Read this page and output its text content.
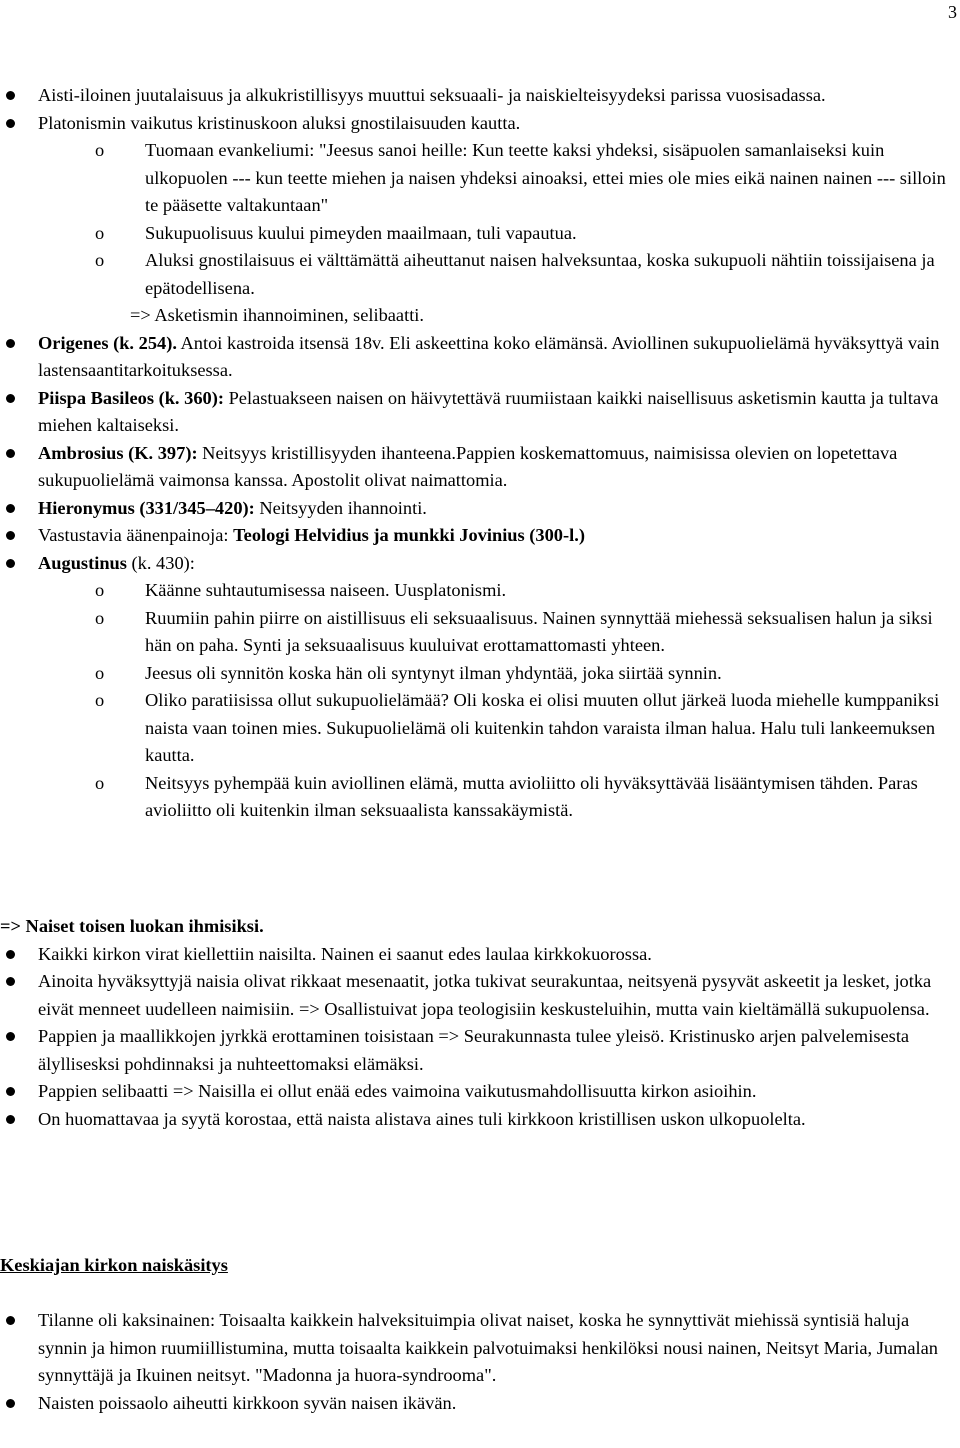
3
Aisti-iloinen juutalaisuus ja alkukristillisyys muuttui seksuaali- ja naiskielteisyydeksi parissa vuosisadassa.
Platonismin vaikutus kristinuskoon aluksi gnostilaisuuden kautta.
o Tuomaan evankeliumi: "Jeesus sanoi heille: Kun teette kaksi yhdeksi, sisäpuolen samanlaiseksi kuin ulkopuolen --- kun teette miehen ja naisen yhdeksi ainoaksi, ettei mies ole mies eikä nainen nainen --- silloin te pääsette valtakuntaan"
o Sukupuolisuus kuului pimeyden maailmaan, tuli vapautua.
o Aluksi gnostilaisuus ei välttämättä aiheuttanut naisen halveksuntaa, koska sukupuoli nähtiin toissijaisena ja epätodellisena.
=> Asketismin ihannoiminen, selibaatti.
Origenes (k. 254). Antoi kastroida itsensä 18v. Eli askeettina koko elämänsä. Aviollinen sukupuolielämä hyväksyttyä vain lastensaantitarkoituksessa.
Piispa Basileos (k. 360): Pelastuakseen naisen on häivytettävä ruumiistaan kaikki naisellisuus asketismin kautta ja tultava miehen kaltaiseksi.
Ambrosius (K. 397): Neitsyys kristillisyyden ihanteena.Pappien koskemattomuus, naimisissa olevien on lopetettava sukupuolielämä vaimonsa kanssa. Apostolit olivat naimattomia.
Hieronymus (331/345–420): Neitsyyden ihannointi.
Vastustavia äänenpainoja: Teologi Helvidius ja munkki Jovinius (300-l.)
Augustinus (k. 430):
o Käänne suhtautumisessa naiseen. Uusplatonismi.
o Ruumiin pahin piirre on aistillisuus eli seksuaalisuus. Nainen synnyttää miehessä seksualisen halun ja siksi hän on paha. Synti ja seksuaalisuus kuuluivat erottamattomasti yhteen.
o Jeesus oli synnitön koska hän oli syntynyt ilman yhdyntää, joka siirtää synnin.
o Oliko paratiisissa ollut sukupuolielämää? Oli koska ei olisi muuten ollut järkeä luoda miehelle kumppaniksi naista vaan toinen mies. Sukupuolielämä oli kuitenkin tahdon varaista ilman halua. Halu tuli lankeemuksen kautta.
o Neitsyys pyhempää kuin aviollinen elämä, mutta avioliitto oli hyväksyttävää lisääntymisen tähden. Paras avioliitto oli kuitenkin ilman seksuaalista kanssakäymistä.

=> Naiset toisen luokan ihmisiksi.

Kaikki kirkon virat kiellettiin naisilta. Nainen ei saanut edes laulaa kirkkokuorossa.
Ainoita hyväksyttyjä naisia olivat rikkaat mesenaatit, jotka tukivat seurakuntaa, neitsyenä pysyvät askeetit ja lesket, jotka eivät menneet uudelleen naimisiin. => Osallistuivat jopa teologisiin keskusteluihin, mutta vain kieltämällä sukupuolensa.
Pappien ja maallikkojen jyrkkä erottaminen toisistaan => Seurakunnasta tulee yleisö. Kristinusko arjen palvelemisesta älyllisesksi pohdinnaksi ja nuhteettomaksi elämäksi.
Pappien selibaatti => Naisilla ei ollut enää edes vaimoina vaikutusmahdollisuutta kirkon asioihin.
On huomattavaa ja syytä korostaa, että naista alistava aines tuli kirkkoon kristillisen uskon ulkopuolelta.

Keskiajan kirkon naiskäsitys

Tilanne oli kaksinainen: Toisaalta kaikkein halveksituimpia olivat naiset, koska he synnyttivät miehissä syntisiä haluja synnin ja himon ruumiillistumina, mutta toisaalta kaikkein palvotuimaksi henkilöksi nousi nainen, Neitsyt Maria, Jumalan synnyttäjä ja Ikuinen neitsyt. "Madonna ja huora-syndrooma".
Naisten poissaolo aiheutti kirkkoon syvän naisen ikävän.
